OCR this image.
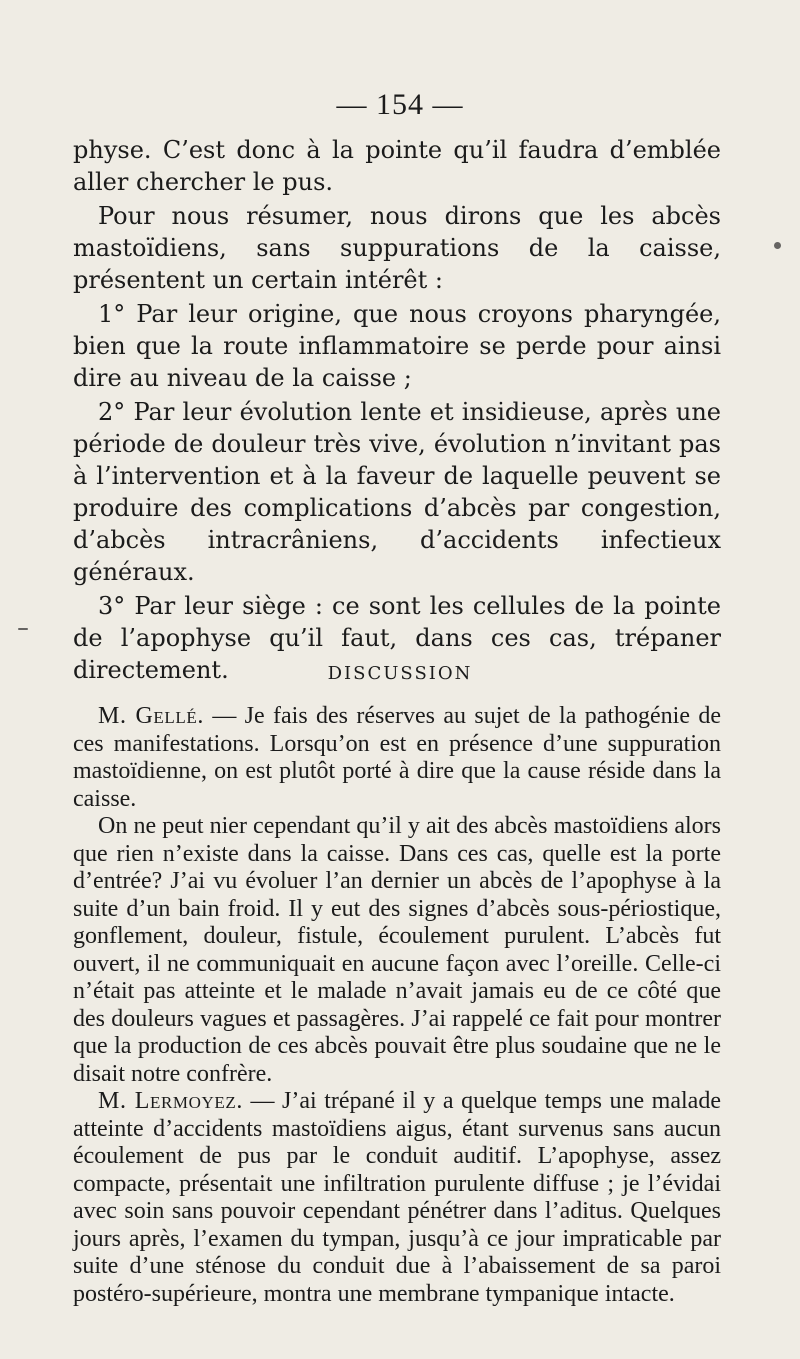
— 154 —

physe. C’est donc à la pointe qu’il faudra d’emblée aller chercher le pus.

Pour nous résumer, nous dirons que les abcès mastoïdiens, sans suppurations de la caisse, présentent un certain intérêt :

1° Par leur origine, que nous croyons pharyngée, bien que la route inflammatoire se perde pour ainsi dire au niveau de la caisse ;

2° Par leur évolution lente et insidieuse, après une période de douleur très vive, évolution n’invitant pas à l’intervention et à la faveur de laquelle peuvent se produire des complications d’abcès par congestion, d’abcès intracrâniens, d’accidents infectieux généraux.

3° Par leur siège : ce sont les cellules de la pointe de l’apophyse qu’il faut, dans ces cas, trépaner directement.	DISCUSSION

M. Gellé. — Je fais des réserves au sujet de la pathogénie de ces manifestations. Lorsqu’on est en présence d’une suppuration mastoïdienne, on est plutôt porté à dire que la cause réside dans la caisse.

On ne peut nier cependant qu’il y ait des abcès mastoïdiens alors que rien n’existe dans la caisse. Dans ces cas, quelle est la porte d’entrée? J’ai vu évoluer l’an dernier un abcès de l’apophyse à la suite d’un bain froid. Il y eut des signes d’abcès sous-périostique, gonflement, douleur, fistule, écoulement purulent. L’abcès fut ouvert, il ne communiquait en aucune façon avec l’oreille. Celle-ci n’était pas atteinte et le malade n’avait jamais eu de ce côté que des douleurs vagues et passagères. J’ai rappelé ce fait pour montrer que la production de ces abcès pouvait être plus soudaine que ne le disait notre confrère.

M. Lermoyez. — J’ai trépané il y a quelque temps une malade atteinte d’accidents mastoïdiens aigus, étant survenus sans aucun écoulement de pus par le conduit auditif. L’apophyse, assez compacte, présentait une infiltration purulente diffuse ; je l’évidai avec soin sans pouvoir cependant pénétrer dans l’aditus. Quelques jours après, l’examen du tympan, jusqu’à ce jour impraticable par suite d’une sténose du conduit due à l’abaissement de sa paroi postéro-supérieure, montra une membrane tympanique intacte.
